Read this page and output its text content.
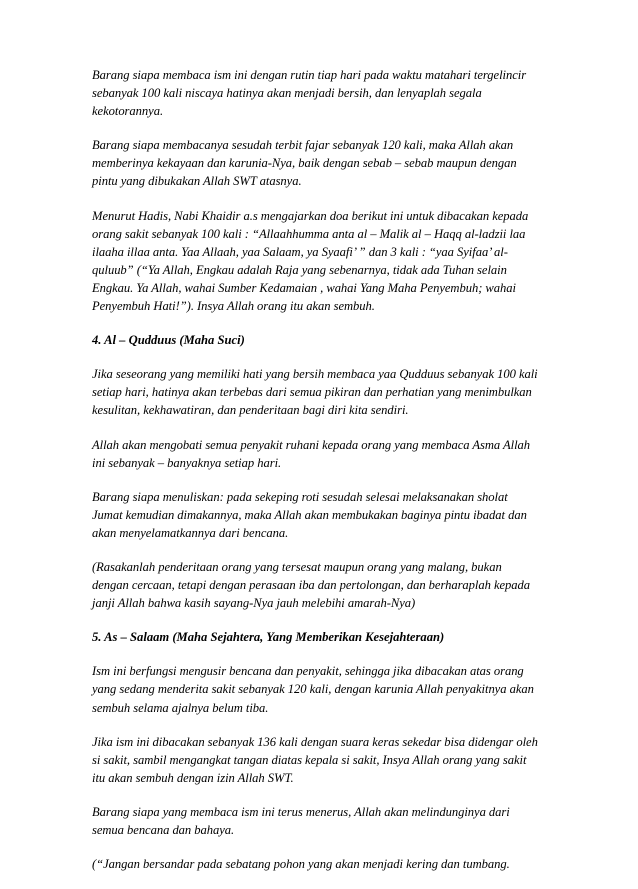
Barang siapa membaca ism ini dengan rutin tiap hari pada waktu matahari tergelincir
sebanyak 100 kali niscaya hatinya akan menjadi bersih, dan lenyaplah segala
kekotorannya.

Barang siapa membacanya sesudah terbit fajar sebanyak 120 kali, maka Allah akan
memberinya kekayaan dan karunia-Nya, baik dengan sebab – sebab maupun dengan
pintu yang dibukakan Allah SWT atasnya.

Menurut Hadis, Nabi Khaidir a.s mengajarkan doa berikut ini untuk dibacakan kepada
orang sakit sebanyak 100 kali : “Allaahhumma anta al – Malik al – Haqq al-ladzii laa
ilaaha illaa anta. Yaa Allaah, yaa Salaam, ya Syaafi’ ” dan 3 kali : “yaa Syifaa’ al-
quluub” (“Ya Allah, Engkau adalah Raja yang sebenarnya, tidak ada Tuhan selain
Engkau. Ya Allah, wahai Sumber Kedamaian , wahai Yang Maha Penyembuh; wahai
Penyembuh Hati!”). Insya Allah orang itu akan sembuh.

4. Al – Qudduus (Maha Suci)

Jika seseorang yang memiliki hati yang bersih membaca yaa Qudduus sebanyak 100 kali
setiap hari, hatinya akan terbebas dari semua pikiran dan perhatian yang menimbulkan
kesulitan, kekhawatiran, dan penderitaan bagi diri kita sendiri.

Allah akan mengobati semua penyakit ruhani kepada orang yang membaca Asma Allah
ini sebanyak – banyaknya setiap hari.

Barang siapa menuliskan: pada sekeping roti sesudah selesai melaksanakan sholat
Jumat kemudian dimakannya, maka Allah akan membukakan baginya pintu ibadat dan
akan menyelamatkannya dari bencana.

(Rasakanlah penderitaan orang yang tersesat maupun orang yang malang, bukan
dengan cercaan, tetapi dengan perasaan iba dan pertolongan, dan berharaplah kepada
janji Allah bahwa kasih sayang-Nya jauh melebihi amarah-Nya)

5. As – Salaam (Maha Sejahtera, Yang Memberikan Kesejahteraan)

Ism ini berfungsi mengusir bencana dan penyakit, sehingga jika dibacakan atas orang
yang sedang menderita sakit sebanyak 120 kali, dengan karunia Allah penyakitnya akan
sembuh selama ajalnya belum tiba.

Jika ism ini dibacakan sebanyak 136 kali dengan suara keras sekedar bisa didengar oleh
si sakit, sambil mengangkat tangan diatas kepala si sakit, Insya Allah orang yang sakit
itu akan sembuh dengan izin Allah SWT.

Barang siapa yang membaca ism ini terus menerus, Allah akan melindunginya dari
semua bencana dan bahaya.

(“Jangan bersandar pada sebatang pohon yang akan menjadi kering dan tumbang.
